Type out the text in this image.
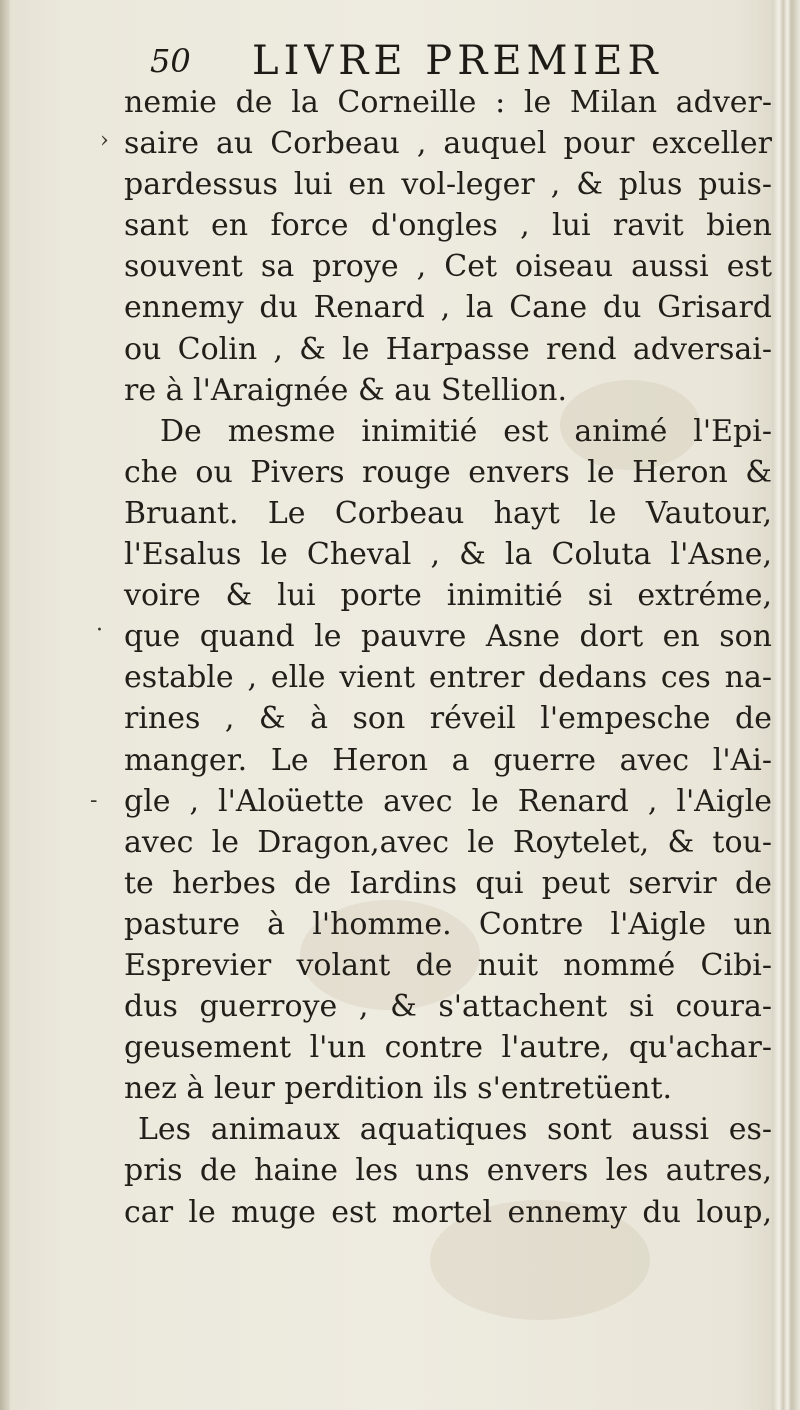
›
·
-
50 LIVRE PREMIER
nemie de la Corneille : le Milan adver-
saire au Corbeau , auquel pour exceller
pardessus lui en vol-leger , & plus puis-
sant en force d'ongles , lui ravit bien
souvent sa proye , Cet oiseau aussi est
ennemy du Renard , la Cane du Grisard
ou Colin , & le Harpasse rend adversai-
re à l'Araignée & au Stellion.
De mesme inimitié est animé l'Epi-
che ou Pivers rouge envers le Heron &
Bruant. Le Corbeau hayt le Vautour,
l'Esalus le Cheval , & la Coluta l'Asne,
voire & lui porte inimitié si extréme,
que quand le pauvre Asne dort en son
estable , elle vient entrer dedans ces na-
rines , & à son réveil l'empesche de
manger. Le Heron a guerre avec l'Ai-
gle , l'Aloüette avec le Renard , l'Aigle
avec le Dragon,avec le Roytelet, & tou-
te herbes de Iardins qui peut servir de
pasture à l'homme. Contre l'Aigle un
Esprevier volant de nuit nommé Cibi-
dus guerroye , & s'attachent si coura-
geusement l'un contre l'autre, qu'achar-
nez à leur perdition ils s'entretüent.
Les animaux aquatiques sont aussi es-
pris de haine les uns envers les autres,
car le muge est mortel ennemy du loup,
